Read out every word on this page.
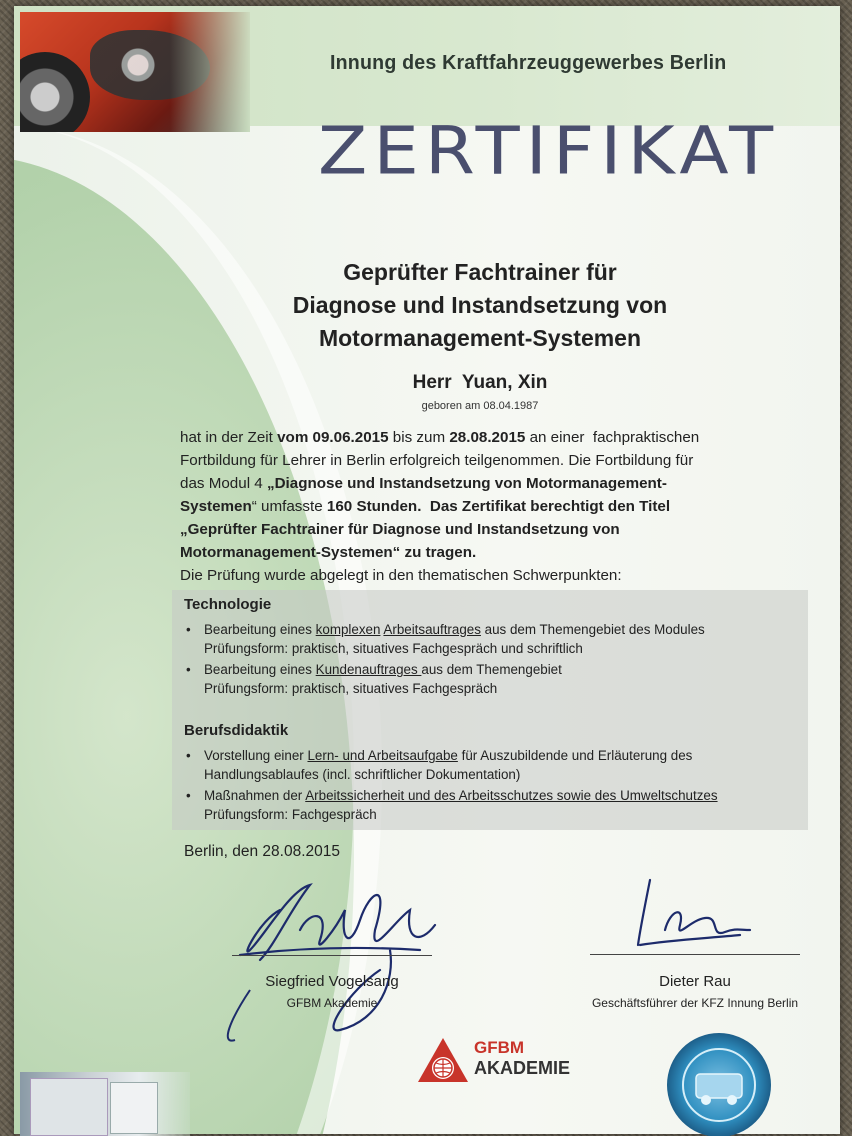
Innung des Kraftfahrzeuggewerbes Berlin
ZERTIFIKAT
Geprüfter Fachtrainer für
Diagnose und Instandsetzung von
Motormanagement-Systemen
Herr  Yuan, Xin
geboren am 08.04.1987
hat in der Zeit vom 09.06.2015 bis zum 28.08.2015 an einer  fachpraktischen
Fortbildung für Lehrer in Berlin erfolgreich teilgenommen. Die Fortbildung für
das Modul 4 „Diagnose und Instandsetzung von Motormanagement-
Systemen“ umfasste 160 Stunden.  Das Zertifikat berechtigt den Titel
„Geprüfter Fachtrainer für Diagnose und Instandsetzung von
Motormanagement-Systemen“ zu tragen.
Die Prüfung wurde abgelegt in den thematischen Schwerpunkten:
Technologie
• Bearbeitung eines komplexen Arbeitsauftrages aus dem Themengebiet des Modules
Prüfungsform: praktisch, situatives Fachgespräch und schriftlich
• Bearbeitung eines Kundenauftrages aus dem Themengebiet
Prüfungsform: praktisch, situatives Fachgespräch
Berufsdidaktik
• Vorstellung einer Lern- und Arbeitsaufgabe für Auszubildende und Erläuterung des
Handlungsablaufes (incl. schriftlicher Dokumentation)
• Maßnahmen der Arbeitssicherheit und des Arbeitsschutzes sowie des Umweltschutzes
Prüfungsform: Fachgespräch
Berlin, den 28.08.2015
Siegfried Vogelsang
GFBM Akademie
Dieter Rau
Geschäftsführer der KFZ Innung Berlin
GFBM
AKADEMIE
